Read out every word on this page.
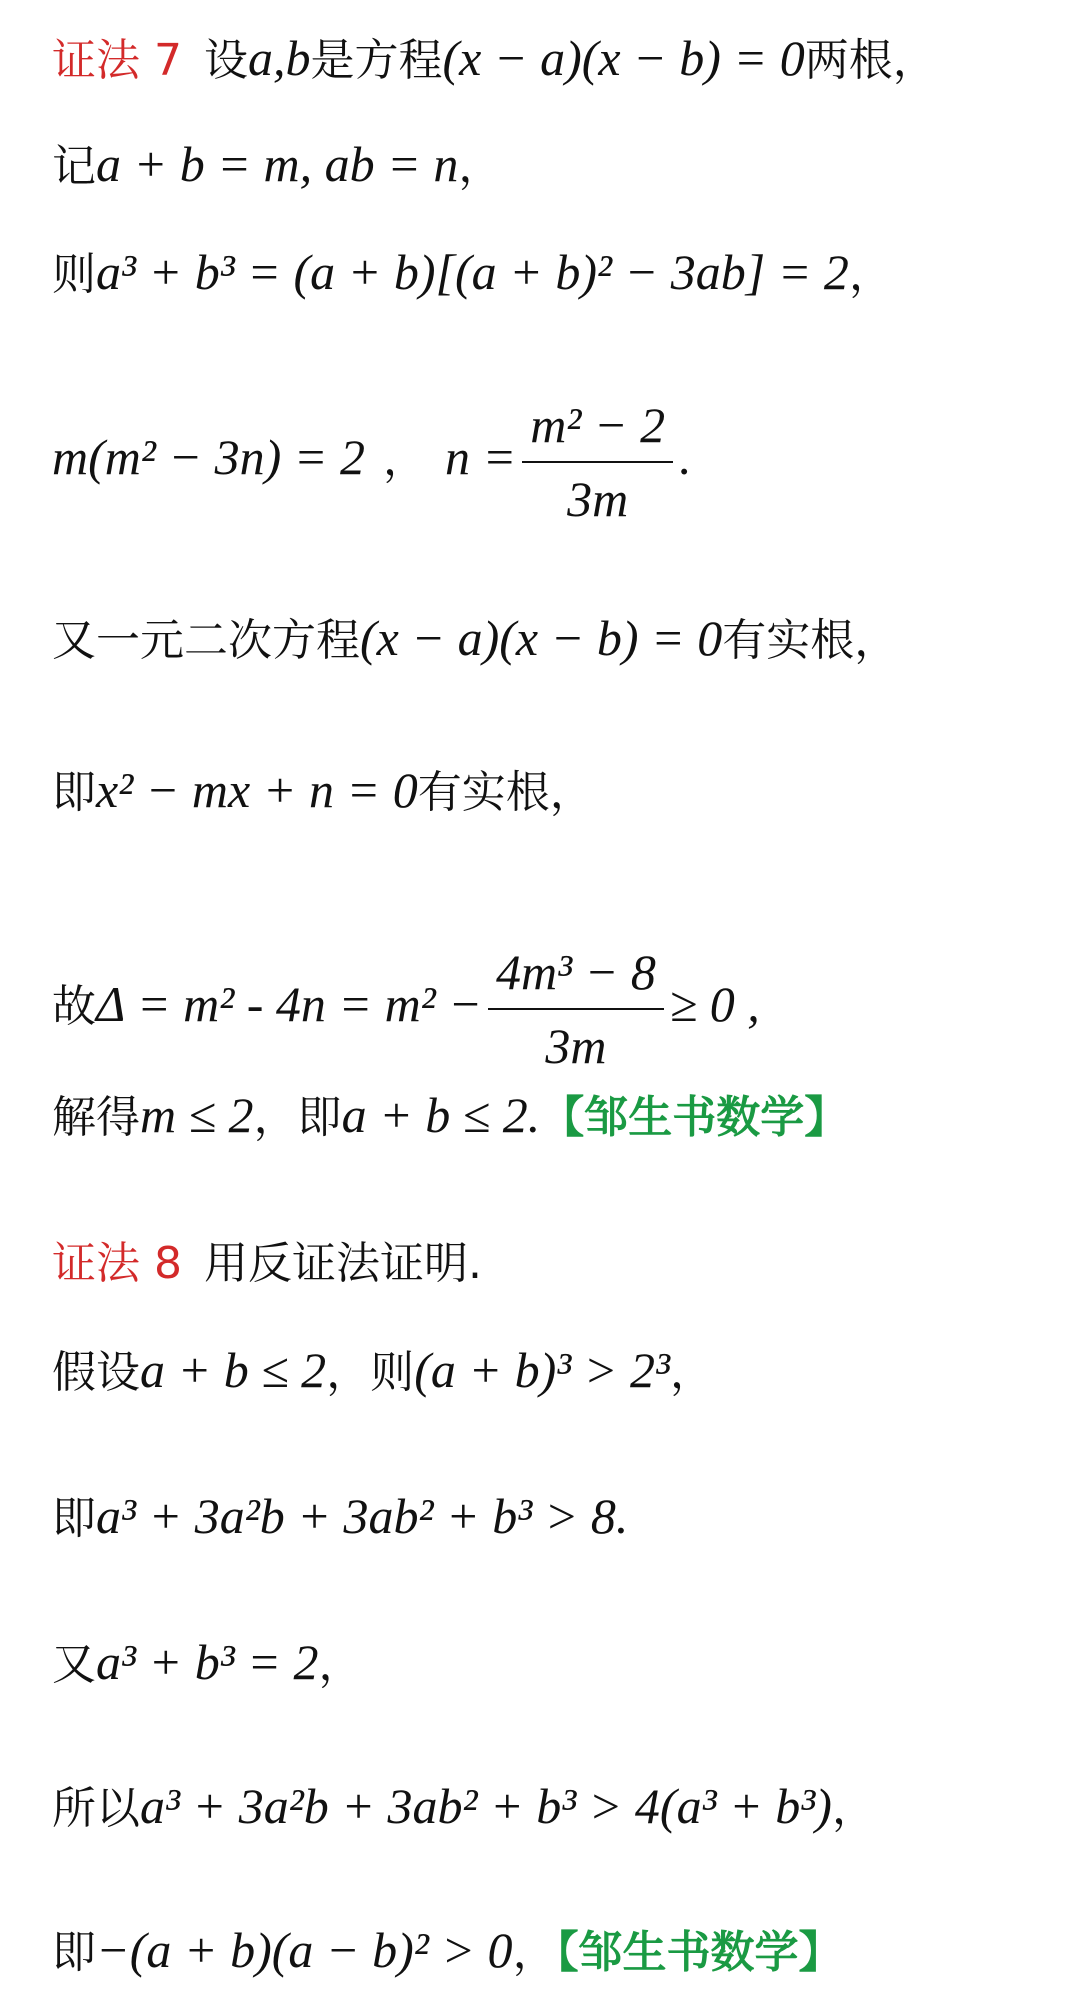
证法 7 设a,b是方程(x − a)(x − b) = 0两根，
记a + b = m, ab = n，
则a³ + b³ = (a + b)[(a + b)² − 3ab] = 2，
m(m² − 3n) = 2 ， $n = \frac{\text{m² − 2}}{3m}$ .
又一元二次方程(x − a)(x − b) = 0有实根，
即x² − mx + n = 0有实根，
故$\Delta = m^2 - 4n = m^2 - \frac{\text{4m³ − 8}}{3m} \ge 0$ ,
解得m ≤ 2，即a + b ≤ 2.【邹生书数学】
证法 8 用反证法证明.
假设a + b ≤ 2，则(a + b)³ > 2³，
即a³ + 3a²b + 3ab² + b³ > 8.
又a³ + b³ = 2，
所以a³ + 3a²b + 3ab² + b³ > 4(a³ + b³)，
即−(a + b)(a − b)² > 0，【邹生书数学】
